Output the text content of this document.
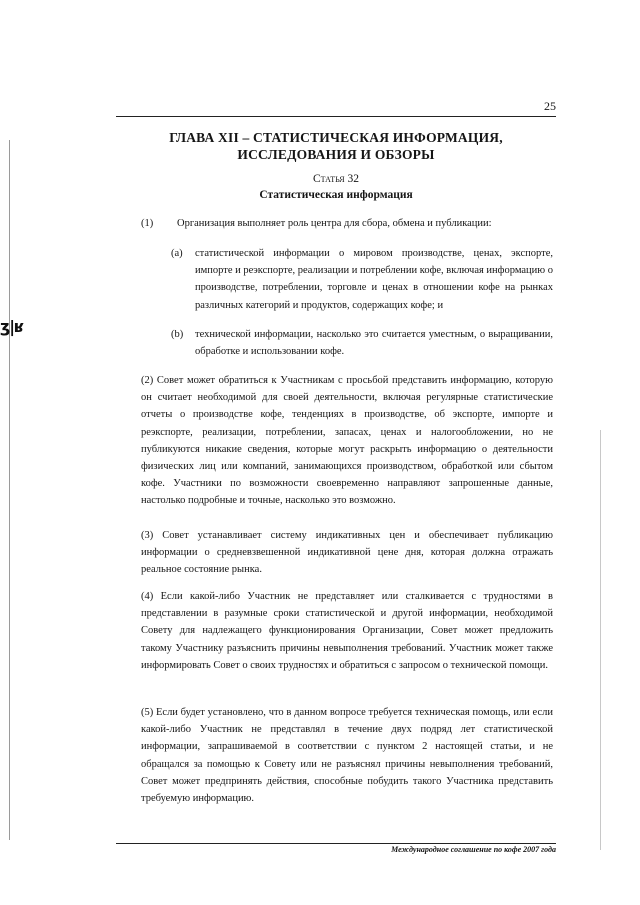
ʒ|ʁ
25
ГЛАВА XII – СТАТИСТИЧЕСКАЯ ИНФОРМАЦИЯ,
ИССЛЕДОВАНИЯ И ОБЗОРЫ
Статья 32
Статистическая информация
(1) Организация выполняет роль центра для сбора, обмена и публикации:
(a) статистической информации о мировом производстве, ценах, экспорте, импорте и реэкспорте, реализации и потреблении кофе, включая информацию о производстве, потреблении, торговле и ценах в отношении кофе на рынках различных категорий и продуктов, содержащих кофе; и
(b) технической информации, насколько это считается уместным, о выращивании, обработке и использовании кофе.
(2) Совет может обратиться к Участникам с просьбой представить информацию, которую он считает необходимой для своей деятельности, включая регулярные статистические отчеты о производстве кофе, тенденциях в производстве, об экспорте, импорте и реэкспорте, реализации, потреблении, запасах, ценах и налогообложении, но не публикуются никакие сведения, которые могут раскрыть информацию о деятельности физических лиц или компаний, занимающихся производством, обработкой или сбытом кофе. Участники по возможности своевременно направляют запрошенные данные, настолько подробные и точные, насколько это возможно.
(3) Совет устанавливает систему индикативных цен и обеспечивает публикацию информации о средневзвешенной индикативной цене дня, которая должна отражать реальное состояние рынка.
(4) Если какой-либо Участник не представляет или сталкивается с трудностями в представлении в разумные сроки статистической и другой информации, необходимой Совету для надлежащего функционирования Организации, Совет может предложить такому Участнику разъяснить причины невыполнения требований. Участник может также информировать Совет о своих трудностях и обратиться с запросом о технической помощи.
(5) Если будет установлено, что в данном вопросе требуется техническая помощь, или если какой-либо Участник не представлял в течение двух подряд лет статистической информации, запрашиваемой в соответствии с пунктом 2 настоящей статьи, и не обращался за помощью к Совету или не разъяснял причины невыполнения требований, Совет может предпринять действия, способные побудить такого Участника представить требуемую информацию.
Международное соглашение по кофе 2007 года
